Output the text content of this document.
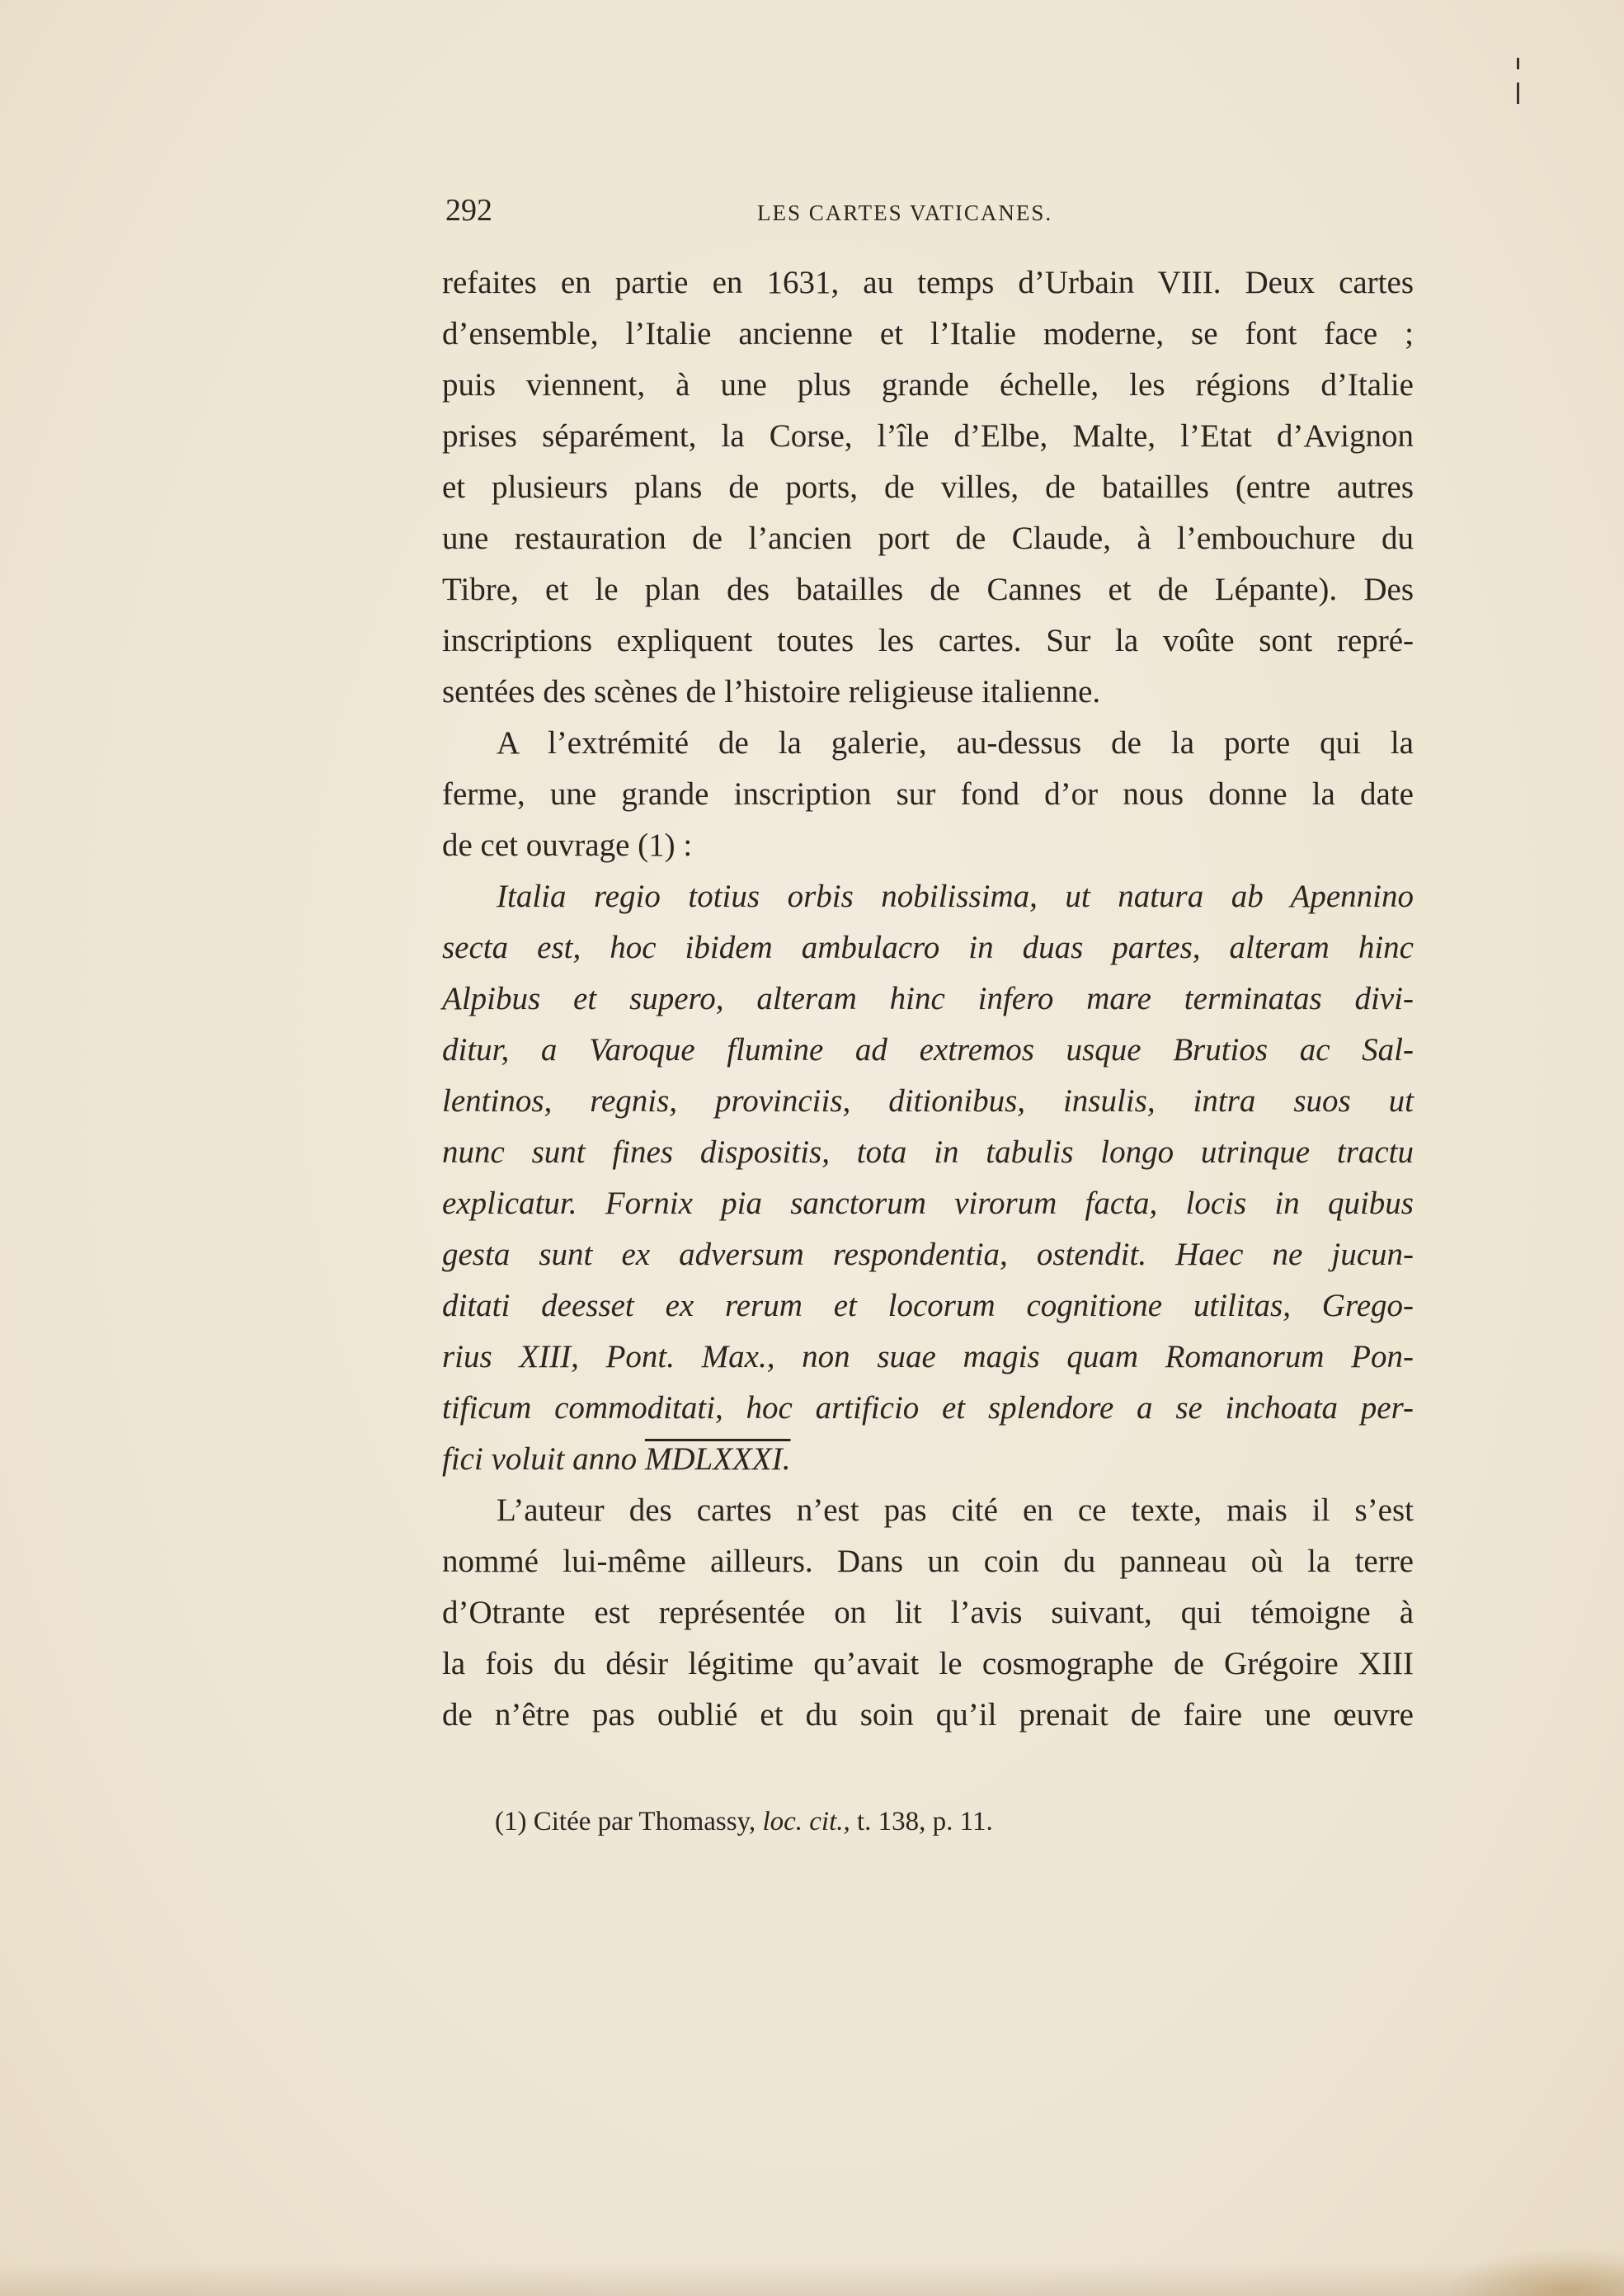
292	LES CARTES VATICANES.
refaites en partie en 1631, au temps d’Urbain VIII. Deux cartes
d’ensemble, l’Italie ancienne et l’Italie moderne, se font face ;
puis viennent, à une plus grande échelle, les régions d’Italie
prises séparément, la Corse, l’île d’Elbe, Malte, l’Etat d’Avignon
et plusieurs plans de ports, de villes, de batailles (entre autres
une restauration de l’ancien port de Claude, à l’embouchure du
Tibre, et le plan des batailles de Cannes et de Lépante). Des
inscriptions expliquent toutes les cartes. Sur la voûte sont repré-
sentées des scènes de l’histoire religieuse italienne.
A l’extrémité de la galerie, au-dessus de la porte qui la
ferme, une grande inscription sur fond d’or nous donne la date
de cet ouvrage (1) :
Italia regio totius orbis nobilissima, ut natura ab Apennino
secta est, hoc ibidem ambulacro in duas partes, alteram hinc
Alpibus et supero, alteram hinc infero mare terminatas divi-
ditur, a Varoque flumine ad extremos usque Brutios ac Sal-
lentinos, regnis, provinciis, ditionibus, insulis, intra suos ut
nunc sunt fines dispositis, tota in tabulis longo utrinque tractu
explicatur. Fornix pia sanctorum virorum facta, locis in quibus
gesta sunt ex adversum respondentia, ostendit. Haec ne jucun-
ditati deesset ex rerum et locorum cognitione utilitas, Grego-
rius XIII, Pont. Max., non suae magis quam Romanorum Pon-
tificum commoditati, hoc artificio et splendore a se inchoata per-
fici voluit anno MDLXXXI.
L’auteur des cartes n’est pas cité en ce texte, mais il s’est
nommé lui-même ailleurs. Dans un coin du panneau où la terre
d’Otrante est représentée on lit l’avis suivant, qui témoigne à
la fois du désir légitime qu’avait le cosmographe de Grégoire XIII
de n’être pas oublié et du soin qu’il prenait de faire une œuvre
(1) Citée par Thomassy, loc. cit., t. 138, p. 11.
